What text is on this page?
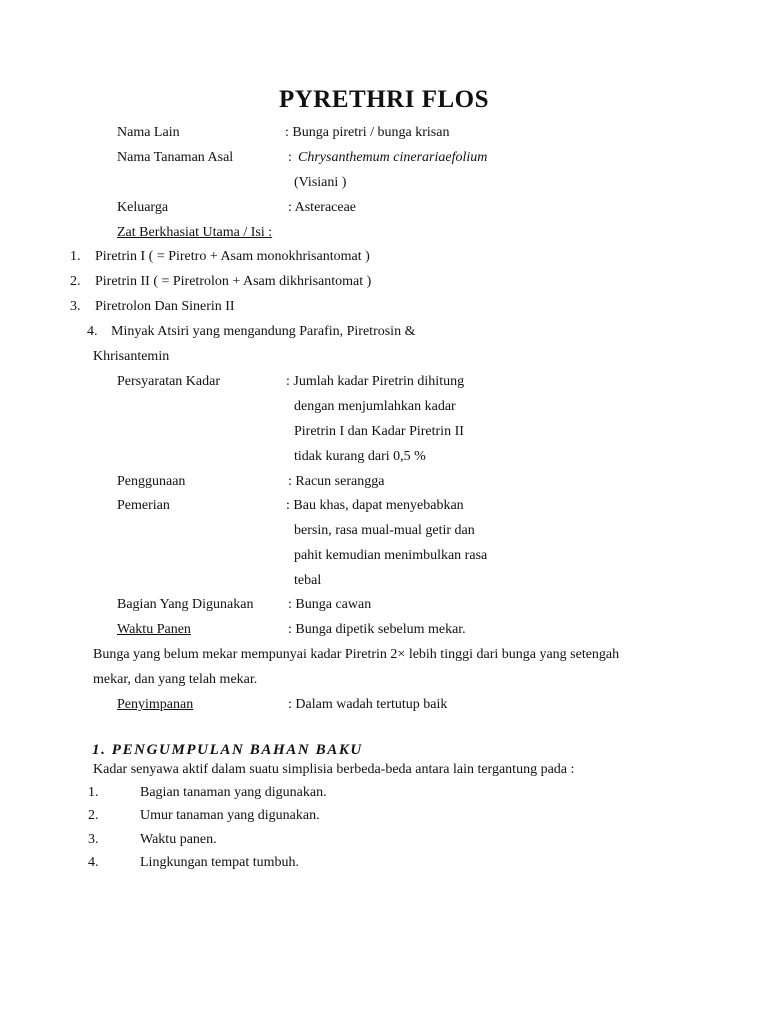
PYRETHRI FLOS
Nama Lain	: Bunga piretri / bunga krisan
Nama Tanaman Asal	: Chrysanthemum cinerariaefolium
(Visiani )
Keluarga	: Asteraceae
Zat Berkhasiat Utama / Isi :
1. Piretrin I ( = Piretro + Asam monokhrisantomat )
2. Piretrin II ( = Piretrolon + Asam dikhrisantomat )
3. Piretrolon Dan Sinerin II
4. Minyak Atsiri yang mengandung Parafin, Piretrosin &
Khrisantemin
Persyaratan Kadar	: Jumlah kadar Piretrin dihitung
dengan menjumlahkan kadar
Piretrin I dan Kadar Piretrin II
tidak kurang dari 0,5 %
Penggunaan	: Racun serangga
Pemerian	: Bau khas, dapat menyebabkan
bersin, rasa mual-mual getir dan
pahit kemudian menimbulkan rasa
tebal
Bagian Yang Digunakan : Bunga cawan
Waktu Panen	: Bunga dipetik sebelum mekar.
Bunga yang belum mekar mempunyai kadar Piretrin 2× lebih tinggi dari bunga yang setengah
mekar, dan yang telah mekar.
Penyimpanan	: Dalam wadah tertutup baik
1. PENGUMPULAN BAHAN BAKU
Kadar senyawa aktif dalam suatu simplisia berbeda-beda antara lain tergantung pada :
1.	Bagian tanaman yang digunakan.
2.	Umur tanaman yang digunakan.
3.	Waktu panen.
4.	Lingkungan tempat tumbuh.
